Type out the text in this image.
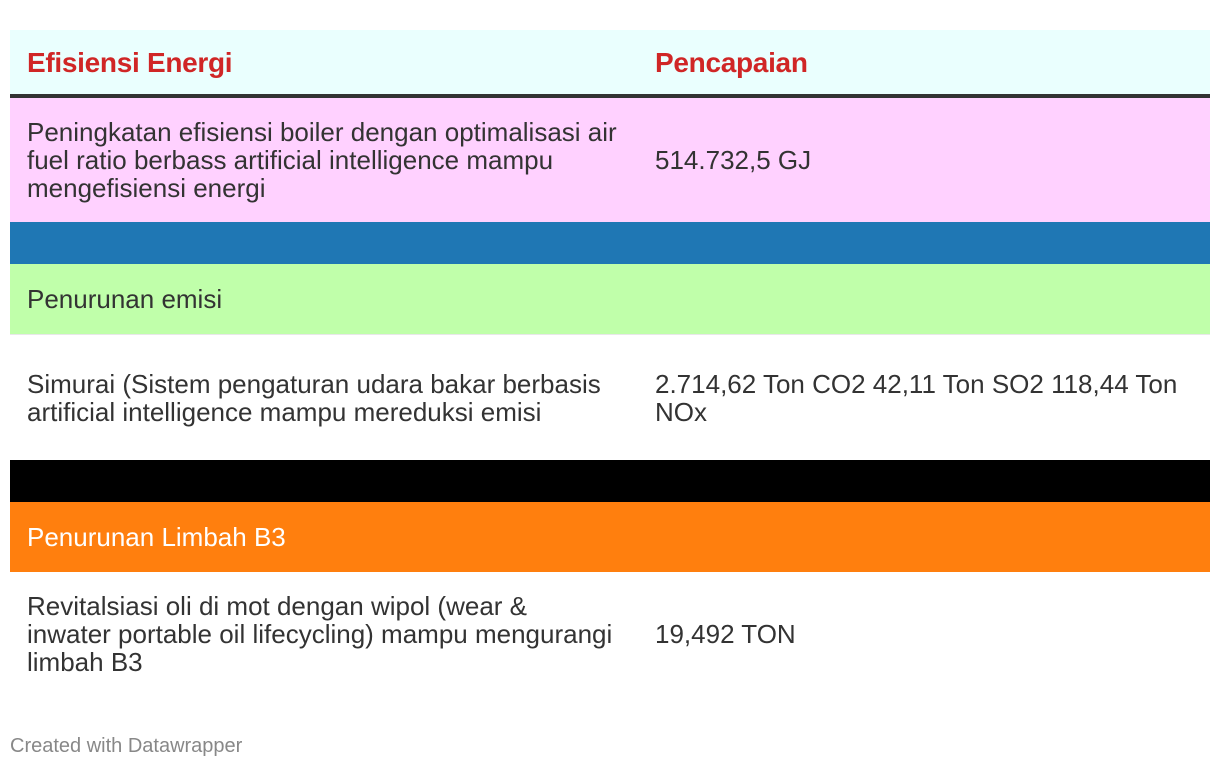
Efisiensi Energi	Pencapaian
Peningkatan efisiensi boiler dengan optimalisasi air fuel ratio berbass artificial intelligence mampu mengefisiensi energi
514.732,5 GJ
Penurunan emisi
Simurai (Sistem pengaturan udara bakar berbasis artificial intelligence mampu mereduksi emisi
2.714,62 Ton CO2 42,11 Ton SO2 118,44 Ton NOx
Penurunan Limbah B3
Revitalsiasi oli di mot dengan wipol (wear & inwater portable oil lifecycling) mampu mengurangi limbah B3
19,492 TON
Created with Datawrapper
